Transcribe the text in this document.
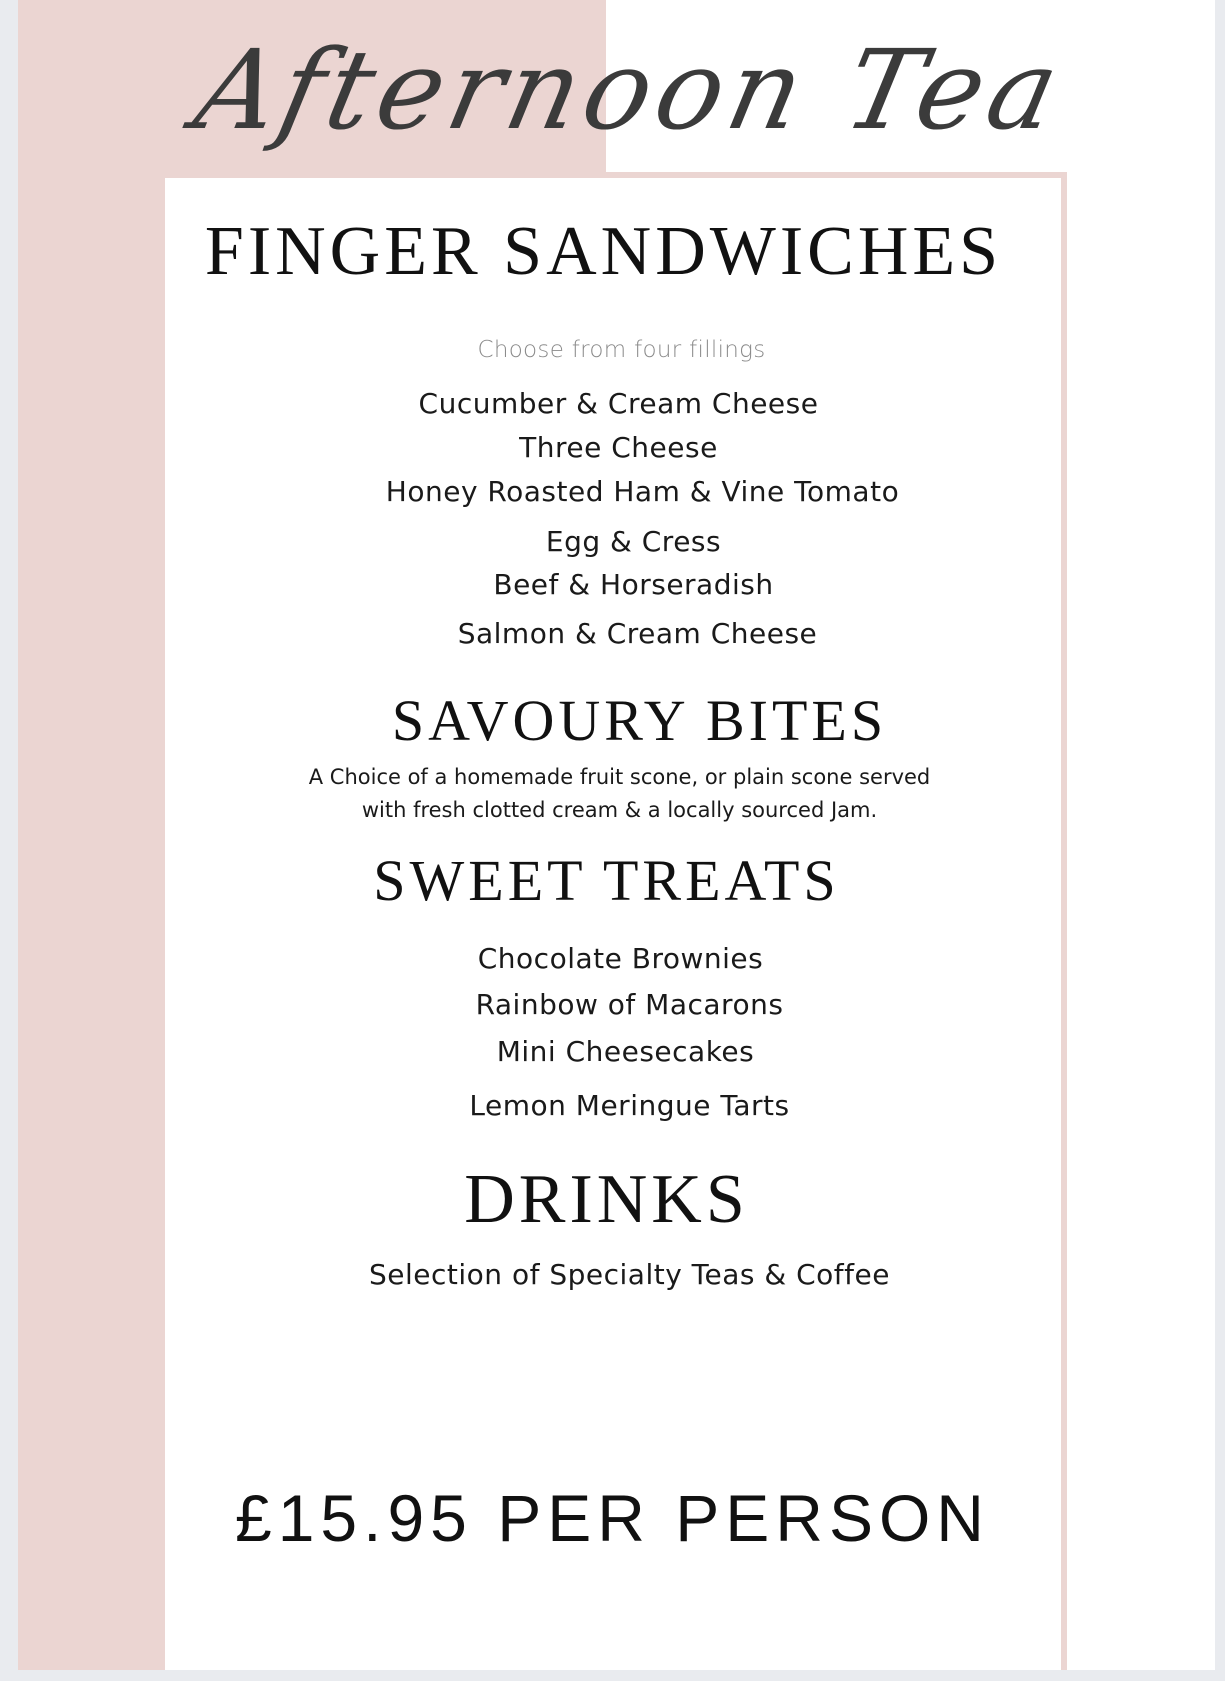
Afternoon Tea
FINGER SANDWICHES
Choose from four fillings
Cucumber & Cream Cheese
Three Cheese
Honey Roasted Ham & Vine Tomato
Egg & Cress
Beef & Horseradish
Salmon & Cream Cheese
SAVOURY BITES
A Choice of a homemade fruit scone, or plain scone served
with fresh clotted cream & a locally sourced Jam.
SWEET TREATS
Chocolate Brownies
Rainbow of Macarons
Mini Cheesecakes
Lemon Meringue Tarts
DRINKS
Selection of Specialty Teas & Coffee
£15.95 PER PERSON
